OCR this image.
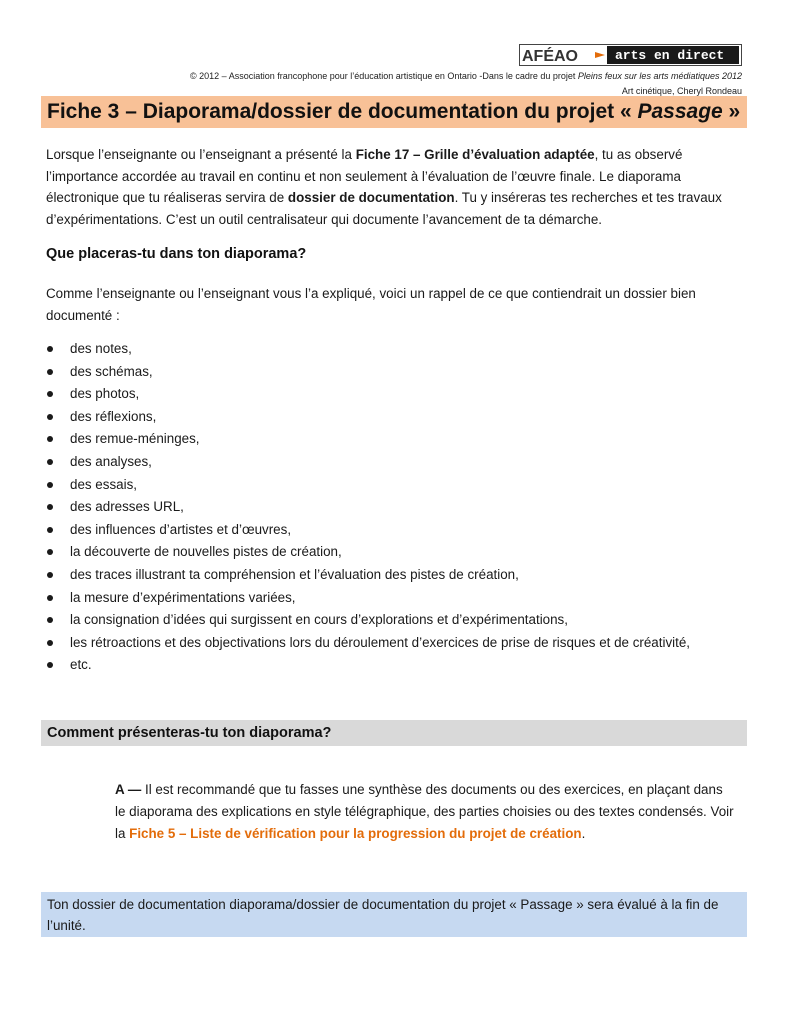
AFÉAO	arts en direct
© 2012 – Association francophone pour l’éducation artistique en Ontario -Dans le cadre du projet Pleins feux sur les arts médiatiques 2012
Art cinétique, Cheryl Rondeau
Fiche 3 – Diaporama/dossier de documentation du projet « Passage »
Lorsque l’enseignante ou l’enseignant a présenté la Fiche 17 – Grille d’évaluation adaptée, tu as observé l’importance accordée au travail en continu et non seulement à l’évaluation de l’œuvre finale. Le diaporama électronique que tu réaliseras servira de dossier de documentation. Tu y inséreras tes recherches et tes travaux d’expérimentations. C’est un outil centralisateur qui documente l’avancement de ta démarche.
Que placeras-tu dans ton diaporama?
Comme l’enseignante ou l’enseignant vous l’a expliqué, voici un rappel de ce que contiendrait un dossier bien documenté :
des notes,
des schémas,
des photos,
des réflexions,
des remue-méninges,
des analyses,
des essais,
des adresses URL,
des influences d’artistes et d’œuvres,
la découverte de nouvelles pistes de création,
des traces illustrant ta compréhension et l’évaluation des pistes de création,
la mesure d’expérimentations variées,
la consignation d’idées qui surgissent en cours d’explorations et d’expérimentations,
les rétroactions et des objectivations lors du déroulement d’exercices de prise de risques et de créativité,
etc.
Comment présenteras-tu ton diaporama?
A — Il est recommandé que tu fasses une synthèse des documents ou des exercices, en plaçant dans le diaporama des explications en style télégraphique, des parties choisies ou des textes condensés. Voir la Fiche 5 – Liste de vérification pour la progression du projet de création.
Ton dossier de documentation diaporama/dossier de documentation du projet « Passage » sera évalué à la fin de l’unité.
